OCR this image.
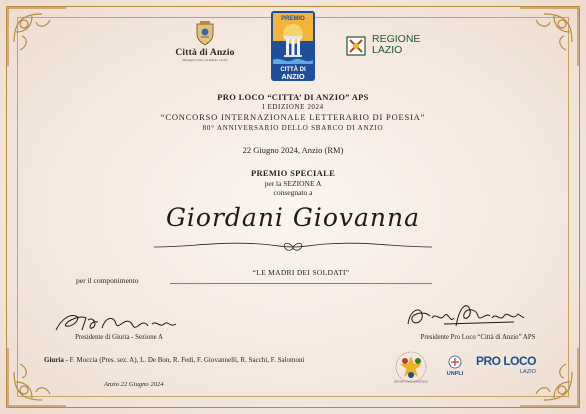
Città di Anzio
Medaglia d'Oro al Merito Civile
PREMIO
CITTÀ DI
ANZIO
REGIONE
LAZIO
PRO LOCO “CITTA’ DI ANZIO” APS
I EDIZIONE 2024
“CONCORSO INTERNAZIONALE LETTERARIO DI POESIA”
80° ANNIVERSARIO DELLO SBARCO DI ANZIO
22 Giugno 2024, Anzio (RM)
PREMIO SPECIALE
per la SEZIONE A
consegnato a
Giordani Giovanna
per il componimento
“LE MADRI DEI SOLDATI”
Presidente di Giuria - Sezione A	Presidente Pro Loco “Città di Anzio” APS
Giuria - F. Moccia (Pres. sez. A), L. De Bon, R. Fedi, F. Giovannelli, R. Sacchi, F. Salomoni
Anzio 22 Giugno 2024	SERVIZIO CIVILE UNIVERSALE
UNPLI
PRO LOCO
LAZIO
